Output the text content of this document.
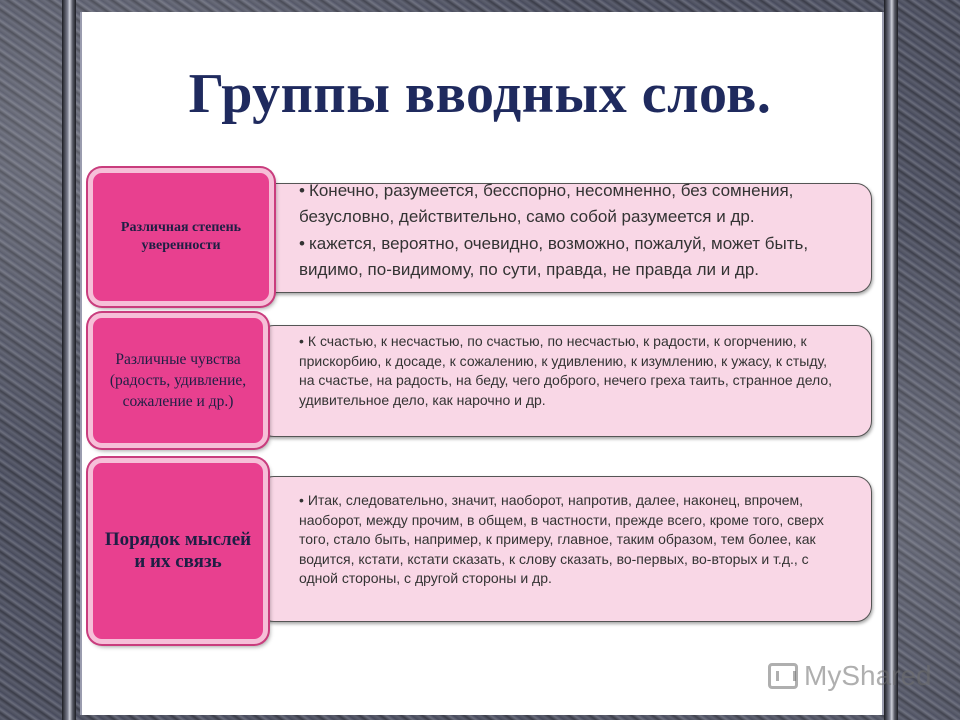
Группы вводных слов.

• Конечно, разумеется, бесспорно, несомненно, без сомнения, безусловно, действительно, само собой разумеется и др.

• кажется, вероятно, очевидно, возможно, пожалуй, может быть, видимо, по-видимому, по сути, правда, не правда ли и др.

Различная степень уверенности

• К счастью, к несчастью, по счастью, по несчастью, к радости, к огорчению, к прискорбию, к досаде, к сожалению, к удивлению, к изумлению, к ужасу, к стыду, на счастье, на радость, на беду, чего доброго, нечего греха таить, странное дело, удивительное дело, как нарочно и др.

Различные чувства (радость, удивление, сожаление и др.)

• Итак, следовательно, значит, наоборот, напротив, далее, наконец, впрочем, наоборот, между прочим, в общем, в частности, прежде всего, кроме того, сверх того, стало быть, например, к примеру, главное, таким образом, тем более, как водится, кстати, кстати сказать, к слову сказать, во-первых, во-вторых и т.д., с одной стороны, с другой стороны и др.

Порядок мыслей и их связь
MyShared
